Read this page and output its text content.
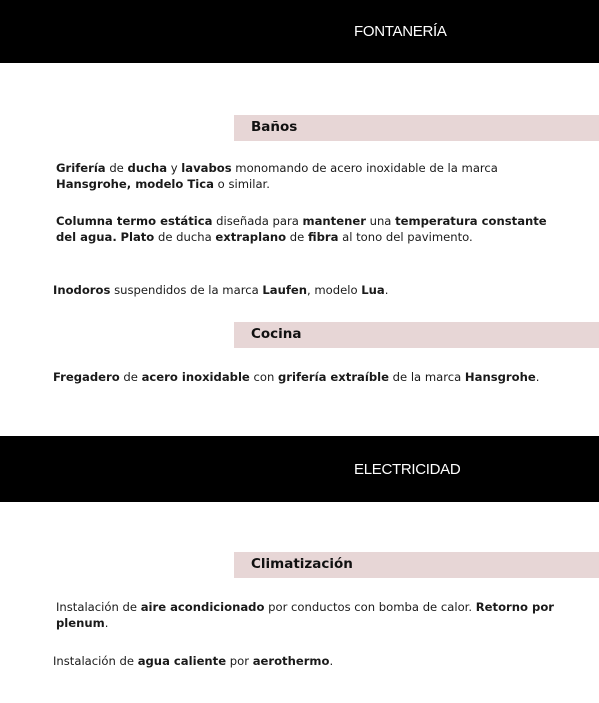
FONTANERÍA
Baños

Grifería de ducha y lavabos monomando de acero inoxidable de la marca
Hansgrohe, modelo Tica o similar.

Columna termo estática diseñada para mantener una temperatura constante
del agua. Plato de ducha extraplano de fibra al tono del pavimento.

Inodoros suspendidos de la marca Laufen, modelo Lua.

Cocina

Fregadero de acero inoxidable con grifería extraíble de la marca Hansgrohe.

ELECTRICIDAD
Climatización

Instalación de aire acondicionado por conductos con bomba de calor. Retorno por
plenum.

Instalación de agua caliente por aerothermo.
